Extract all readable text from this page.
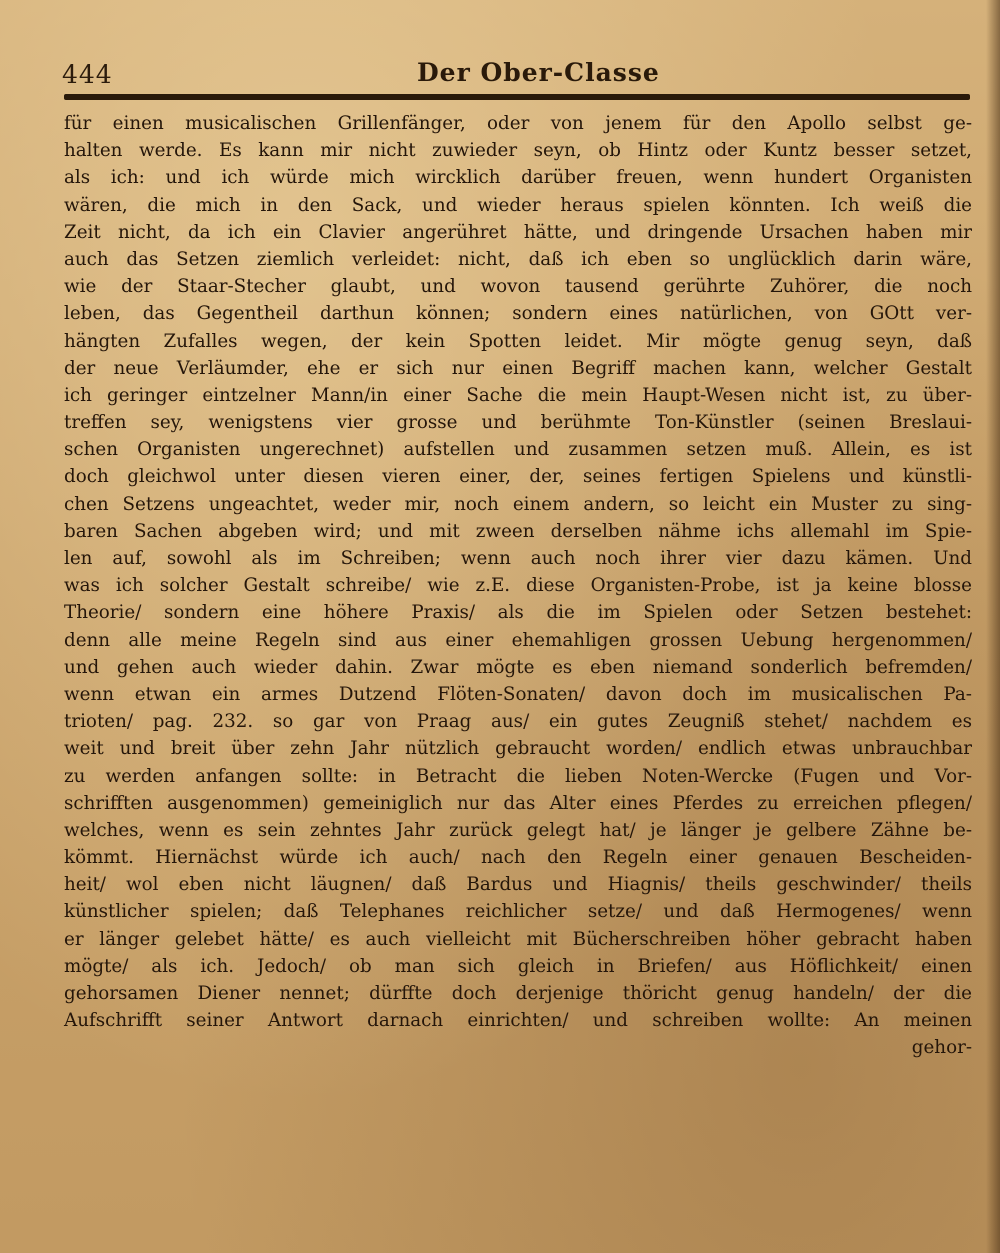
444	Der Ober-Classe
für einen musicalischen Grillenfänger, oder von jenem für den Apollo selbst ge-
halten werde. Es kann mir nicht zuwieder seyn, ob Hintz oder Kuntz besser setzet,
als ich: und ich würde mich wircklich darüber freuen, wenn hundert Organisten
wären, die mich in den Sack, und wieder heraus spielen könnten. Ich weiß die
Zeit nicht, da ich ein Clavier angerühret hätte, und dringende Ursachen haben mir
auch das Setzen ziemlich verleidet: nicht, daß ich eben so unglücklich darin wäre,
wie der Staar-Stecher glaubt, und wovon tausend gerührte Zuhörer, die noch
leben, das Gegentheil darthun können; sondern eines natürlichen, von GOtt ver-
hängten Zufalles wegen, der kein Spotten leidet. Mir mögte genug seyn, daß
der neue Verläumder, ehe er sich nur einen Begriff machen kann, welcher Gestalt
ich geringer eintzelner Mann/in einer Sache die mein Haupt-Wesen nicht ist, zu über-
treffen sey, wenigstens vier grosse und berühmte Ton-Künstler (seinen Breslaui-
schen Organisten ungerechnet) aufstellen und zusammen setzen muß. Allein, es ist
doch gleichwol unter diesen vieren einer, der, seines fertigen Spielens und künstli-
chen Setzens ungeachtet, weder mir, noch einem andern, so leicht ein Muster zu sing-
baren Sachen abgeben wird; und mit zween derselben nähme ichs allemahl im Spie-
len auf, sowohl als im Schreiben; wenn auch noch ihrer vier dazu kämen. Und
was ich solcher Gestalt schreibe/ wie z.E. diese Organisten-Probe, ist ja keine blosse
Theorie/ sondern eine höhere Praxis/ als die im Spielen oder Setzen bestehet:
denn alle meine Regeln sind aus einer ehemahligen grossen Uebung hergenommen/
und gehen auch wieder dahin. Zwar mögte es eben niemand sonderlich befremden/
wenn etwan ein armes Dutzend Flöten-Sonaten/ davon doch im musicalischen Pa-
trioten/ pag. 232. so gar von Praag aus/ ein gutes Zeugniß stehet/ nachdem es
weit und breit über zehn Jahr nützlich gebraucht worden/ endlich etwas unbrauchbar
zu werden anfangen sollte: in Betracht die lieben Noten-Wercke (Fugen und Vor-
schrifften ausgenommen) gemeiniglich nur das Alter eines Pferdes zu erreichen pflegen/
welches, wenn es sein zehntes Jahr zurück gelegt hat/ je länger je gelbere Zähne be-
kömmt. Hiernächst würde ich auch/ nach den Regeln einer genauen Bescheiden-
heit/ wol eben nicht läugnen/ daß Bardus und Hiagnis/ theils geschwinder/ theils
künstlicher spielen; daß Telephanes reichlicher setze/ und daß Hermogenes/ wenn
er länger gelebet hätte/ es auch vielleicht mit Bücherschreiben höher gebracht haben
mögte/ als ich. Jedoch/ ob man sich gleich in Briefen/ aus Höflichkeit/ einen
gehorsamen Diener nennet; dürffte doch derjenige thöricht genug handeln/ der die
Aufschrifft seiner Antwort darnach einrichten/ und schreiben wollte: An meinen
gehor-
